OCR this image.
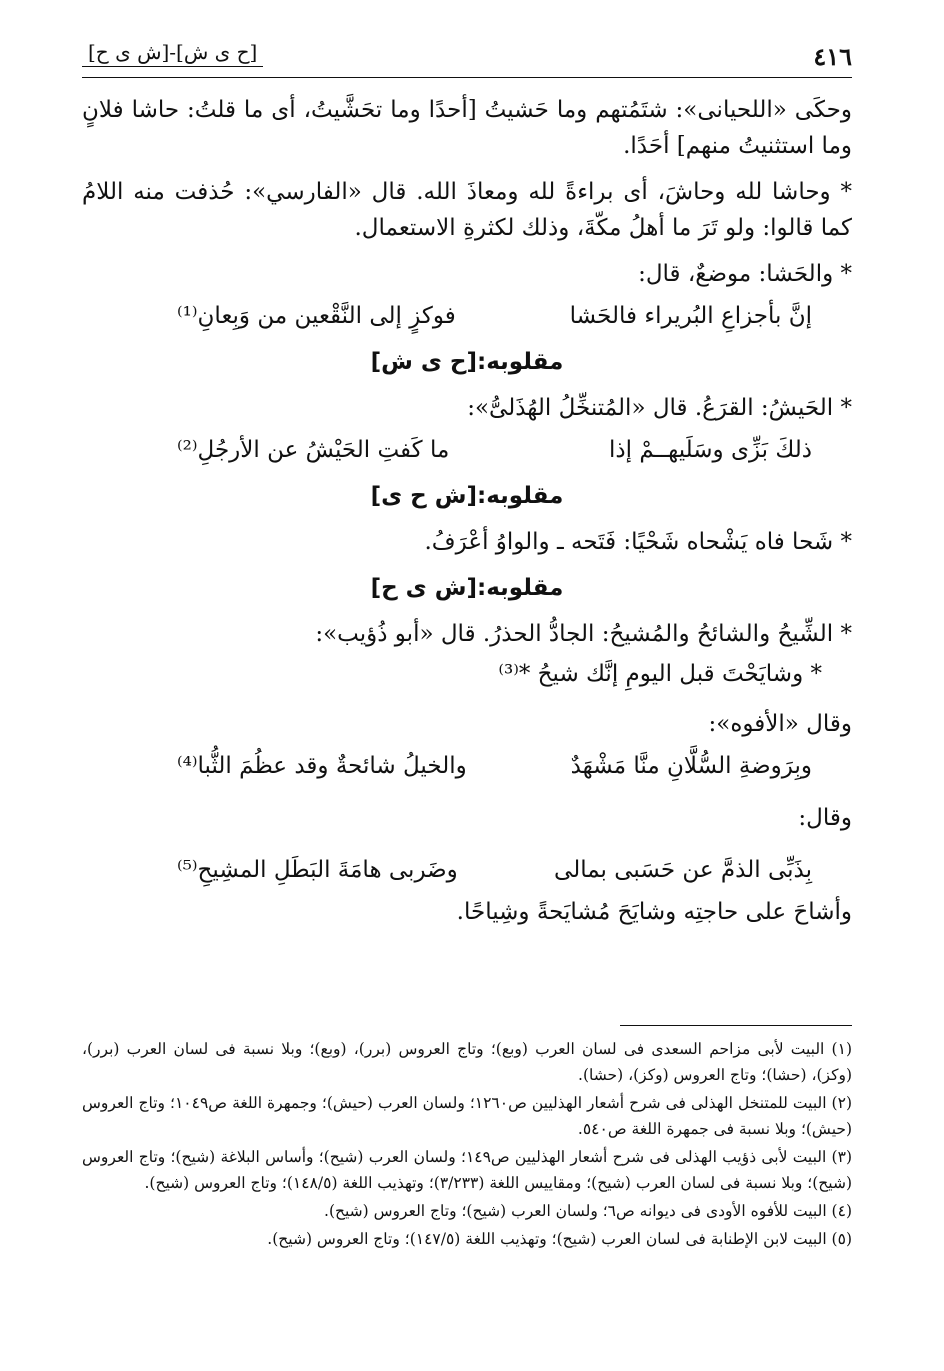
٤١٦
[ح ى ش]-[ش ى ح]

وحكَى «اللحيانى»: شتَمُتهم وما حَشيتُ [أحدًا وما تحَشَّيتُ، أى ما قلتُ: حاشا فلانٍ وما استثنيتُ منهم] أحَدًا.

* وحاشا لله وحاشَ، أى براءةً لله ومعاذَ الله. قال «الفارسي»: حُذفت منه اللامُ كما قالوا: ولو تَرَ ما أهلُ مكّةَ، وذلك لكثرةِ الاستعمال.

* والحَشا: موضعٌ، قال:

إنَّ بأجزاعِ البُريراء فالحَشا
فوكزٍ إلى النَّقْعين من وَبِعانِ⁽¹⁾
مقلوبه:[ح ى ش]

* الحَيشُ: القرَعُ. قال «المُتنخِّلُ الهُذَلىُّ»:

ذلكَ بَزِّى وسَلَيهــمْ إذا
ما كَفتِ الحَيْشُ عن الأرجُلِ⁽²⁾
مقلوبه:[ش ح ى]

* شَحا فاه يَشْحاه شَحْيًا: فَتَحه ـ والواوُ أعْرَفُ.

مقلوبه:[ش ى ح]

* الشِّيحُ والشائحُ والمُشيحُ: الجادُّ الحذرُ. قال «أبو ذُؤيب»:

* وشايَحْتَ قبل اليومِ إنَّك شيحُ *⁽³⁾

وقال «الأفوه»:

وبِرَوضةِ السُّلَّانِ منَّا مَشْهَدٌ
والخيلُ شائحةٌ وقد عظُمَ الثُّبا⁽⁴⁾

وقال:

بِذَبِّى الذمَّ عن حَسَبى بمالى
وضَربى هامَةَ البَطَلِ المشِيحِ⁽⁵⁾

وأشاحَ على حاجتِه وشايَحَ مُشايَحةً وشِياحًا.

(١) البيت لأبى مزاحم السعدى فى لسان العرب (وبع)؛ وتاج العروس (برر)، (وبع)؛ وبلا نسبة فى لسان العرب (برر)، (وكز)، (حشا)؛ وتاج العروس (وكز)، (حشا).

(٢) البيت للمتنخل الهذلى فى شرح أشعار الهذليين ص١٢٦٠؛ ولسان العرب (حيش)؛ وجمهرة اللغة ص١٠٤٩؛ وتاج العروس (حيش)؛ وبلا نسبة فى جمهرة اللغة ص٥٤٠.

(٣) البيت لأبى ذؤيب الهذلى فى شرح أشعار الهذليين ص١٤٩؛ ولسان العرب (شيح)؛ وأساس البلاغة (شيح)؛ وتاج العروس (شيح)؛ وبلا نسبة فى لسان العرب (شيح)؛ ومقاييس اللغة (٣/٢٣٣)؛ وتهذيب اللغة (١٤٨/٥)؛ وتاج العروس (شيح).

(٤) البيت للأفوه الأودى فى ديوانه ص٦؛ ولسان العرب (شيح)؛ وتاج العروس (شيح).

(٥) البيت لابن الإطنابة فى لسان العرب (شيح)؛ وتهذيب اللغة (١٤٧/٥)؛ وتاج العروس (شيح).
